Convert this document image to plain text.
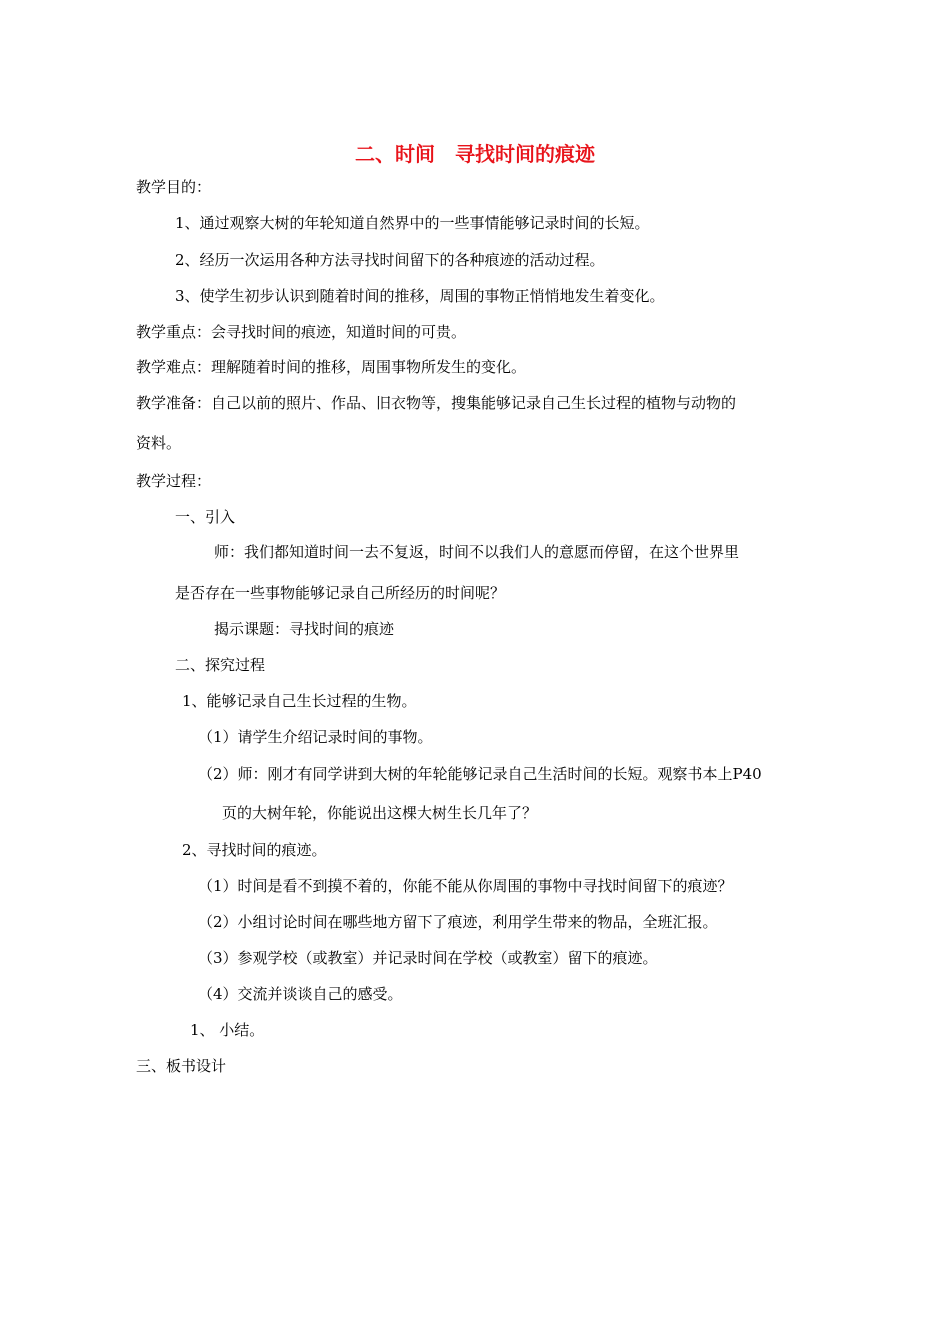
二、时间　寻找时间的痕迹
教学目的：
1、通过观察大树的年轮知道自然界中的一些事情能够记录时间的长短。
2、经历一次运用各种方法寻找时间留下的各种痕迹的活动过程。
3、使学生初步认识到随着时间的推移，周围的事物正悄悄地发生着变化。
教学重点：会寻找时间的痕迹，知道时间的可贵。
教学难点：理解随着时间的推移，周围事物所发生的变化。
教学准备：自己以前的照片、作品、旧衣物等，搜集能够记录自己生长过程的植物与动物的
资料。
教学过程：
一、引入
师：我们都知道时间一去不复返，时间不以我们人的意愿而停留，在这个世界里
是否存在一些事物能够记录自己所经历的时间呢？
揭示课题：寻找时间的痕迹
二、探究过程
1、能够记录自己生长过程的生物。
（1）请学生介绍记录时间的事物。
（2）师：刚才有同学讲到大树的年轮能够记录自己生活时间的长短。观察书本上P40
页的大树年轮，你能说出这棵大树生长几年了？
2、寻找时间的痕迹。
（1）时间是看不到摸不着的，你能不能从你周围的事物中寻找时间留下的痕迹？
（2）小组讨论时间在哪些地方留下了痕迹，利用学生带来的物品，全班汇报。
（3）参观学校（或教室）并记录时间在学校（或教室）留下的痕迹。
（4）交流并谈谈自己的感受。
1、 小结。
三、板书设计
